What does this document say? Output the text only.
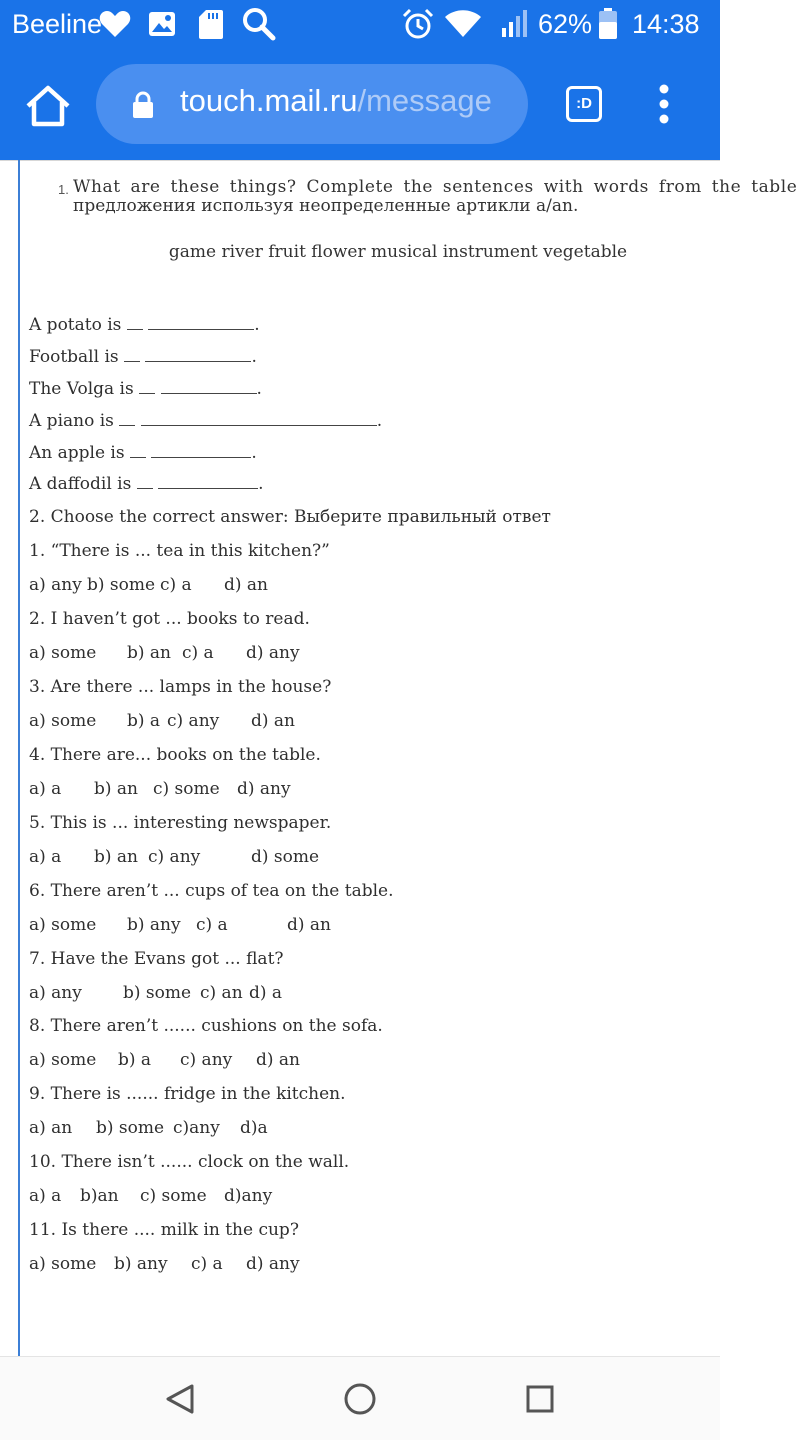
Beeline	62% 14:38
touch.mail.ru/message	:D
1. What are these things? Complete the sentences with words from the table
предложения используя неопределенные артикли a/an.
game river fruit flower musical instrument vegetable
A potato is	.
Football is	.
The Volga is	.
A piano is	.
An apple is	.
A daffodil is	.
2. Choose the correct answer: Выберите правильный ответ
1. “There is ... tea in this kitchen?”
a) any b) some c) a d) an
2. I haven’t got ... books to read.
a) some b) an c) a d) any
3. Are there ... lamps in the house?
a) some b) a c) any d) an
4. There are... books on the table.
a) a b) an c) some d) any
5. This is ... interesting newspaper.
a) a b) an c) any	d) some
6. There aren’t ... cups of tea on the table.
a) some b) any c) a	d) an
7. Have the Evans got ... flat?
a) any b) some c) an d) a
8. There aren’t ...... cushions on the sofa.
a) some b) a c) any d) an
9. There is ...... fridge in the kitchen.
a) an b) some c)any d)a
10. There isn’t ...... clock on the wall.
a) a b)an c) some d)any
11. Is there .... milk in the cup?
a) some b) any c) a d) any
